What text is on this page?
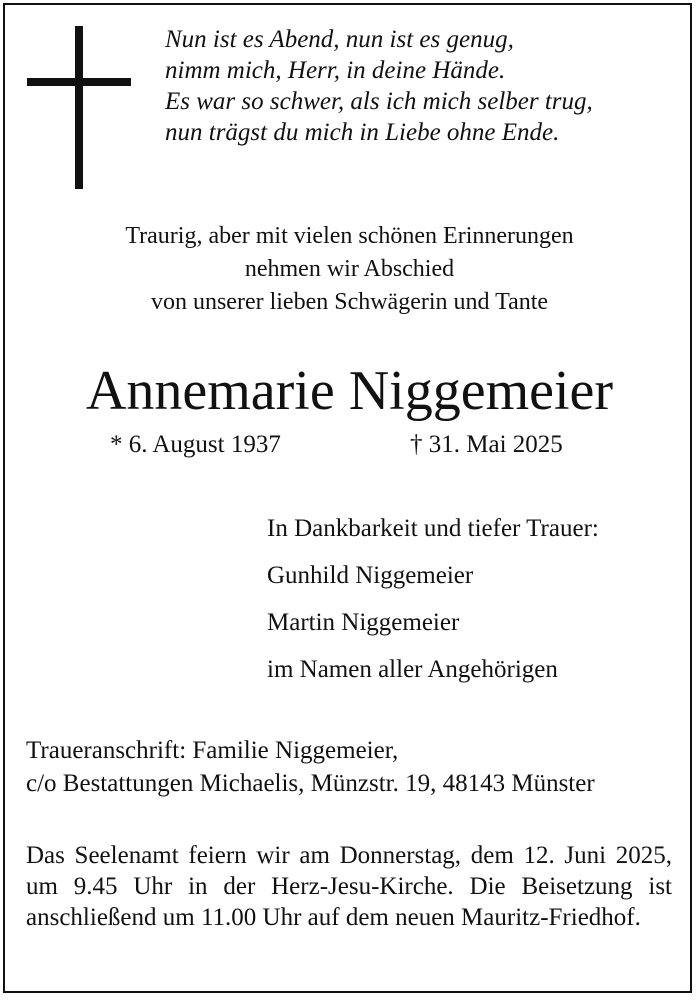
Nun ist es Abend, nun ist es genug,
nimm mich, Herr, in deine Hände.
Es war so schwer, als ich mich selber trug,
nun trägst du mich in Liebe ohne Ende.
Traurig, aber mit vielen schönen Erinnerungen
nehmen wir Abschied
von unserer lieben Schwägerin und Tante
Annemarie Niggemeier
* 6. August 1937	† 31. Mai 2025
In Dankbarkeit und tiefer Trauer:
Gunhild Niggemeier
Martin Niggemeier
im Namen aller Angehörigen
Traueranschrift: Familie Niggemeier,
c/o Bestattungen Michaelis, Münzstr. 19, 48143 Münster

Das Seelenamt feiern wir am Donnerstag, dem 12. Juni 2025, um 9.45 Uhr in der Herz-Jesu-Kirche. Die Beisetzung ist anschließend um 11.00 Uhr auf dem neuen Mauritz-Friedhof.
